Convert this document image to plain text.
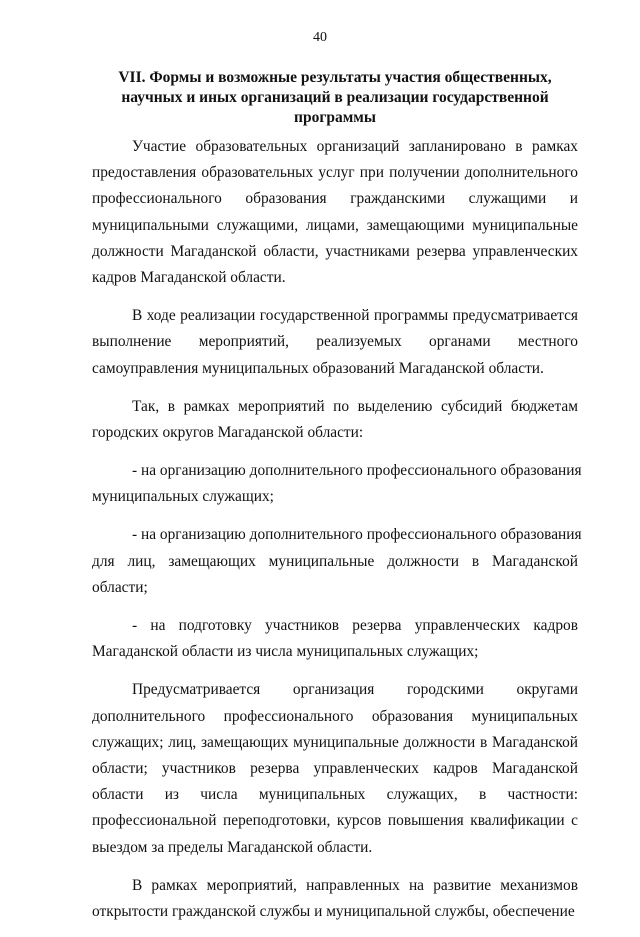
40
VII. Формы и возможные результаты участия общественных,
научных и иных организаций в реализации государственной
программы
Участие образовательных организаций запланировано в рамках
предоставления образовательных услуг при получении дополнительного
профессионального образования гражданскими служащими и
муниципальными служащими, лицами, замещающими муниципальные
должности Магаданской области, участниками резерва управленческих
кадров Магаданской области.
В ходе реализации государственной программы предусматривается
выполнение мероприятий, реализуемых органами местного
самоуправления муниципальных образований Магаданской области.
Так, в рамках мероприятий по выделению субсидий бюджетам
городских округов Магаданской области:
- на организацию дополнительного профессионального образования
муниципальных служащих;
- на организацию дополнительного профессионального образования
для лиц, замещающих муниципальные должности в Магаданской
области;
- на подготовку участников резерва управленческих кадров
Магаданской области из числа муниципальных служащих;
Предусматривается организация городскими округами
дополнительного профессионального образования муниципальных
служащих; лиц, замещающих муниципальные должности в Магаданской
области; участников резерва управленческих кадров Магаданской
области из числа муниципальных служащих, в частности:
профессиональной переподготовки, курсов повышения квалификации с
выездом за пределы Магаданской области.
В рамках мероприятий, направленных на развитие механизмов
открытости гражданской службы и муниципальной службы, обеспечение
